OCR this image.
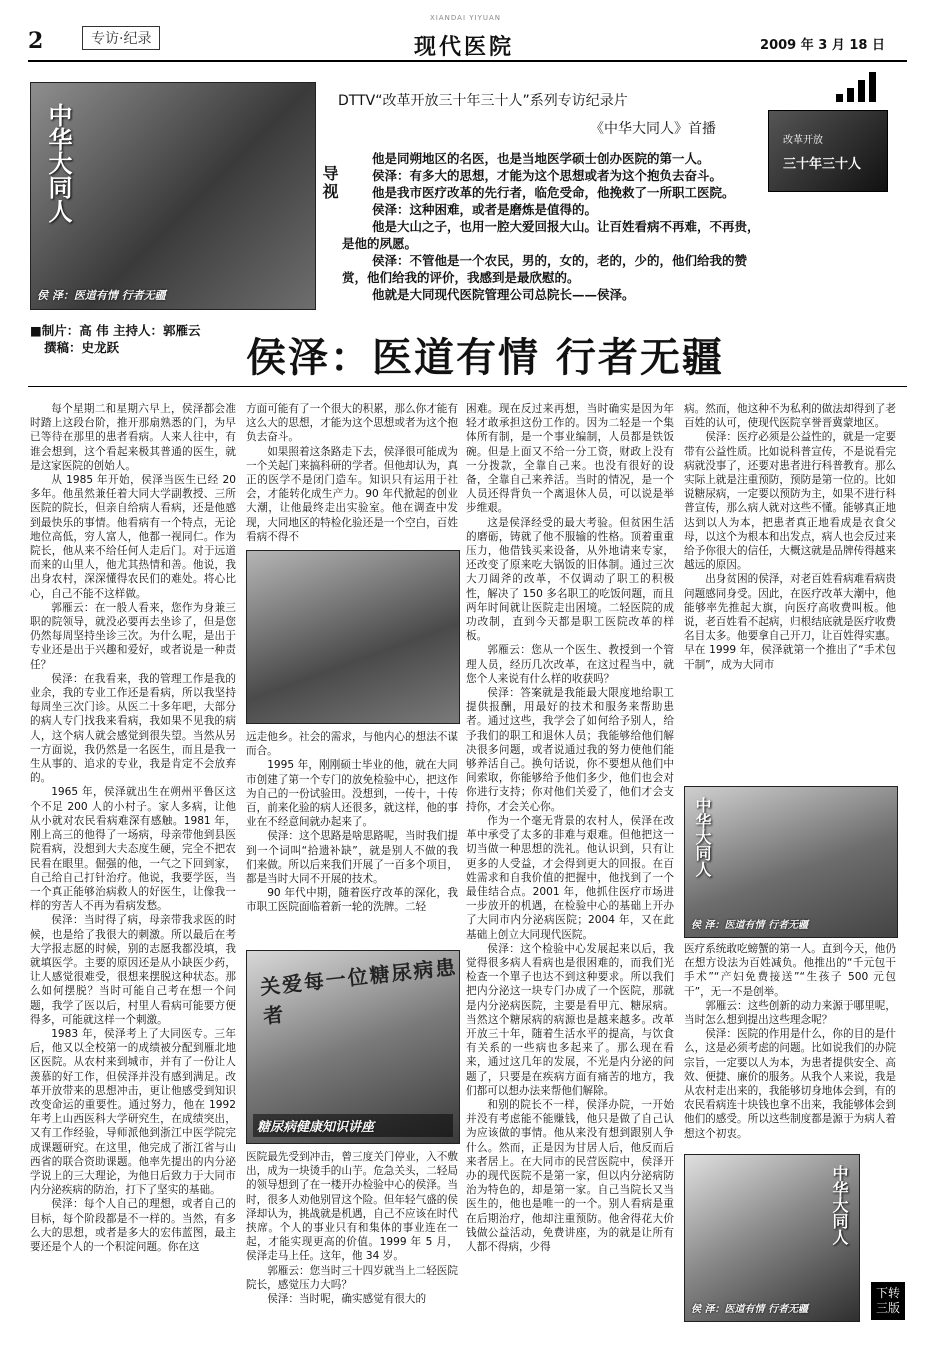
2	专访·纪录
XIANDAI YIYUAN
现代医院	2009 年 3 月 18 日
中华大同人
侯 泽：医道有情 行者无疆
DTTV“改革开放三十年三十人”系列专访纪录片
《中华大同人》首播
改革开放
三十年三十人
导视

他是同朔地区的名医，也是当地医学硕士创办医院的第一人。

侯泽：有多大的思想，才能为这个思想或者为这个抱负去奋斗。

他是我市医疗改革的先行者，临危受命，他挽救了一所职工医院。

侯泽：这种困难，或者是磨炼是值得的。

他是大山之子，也用一腔大爱回报大山。让百姓看病不再难，不再贵，是他的夙愿。

侯泽：不管他是一个农民，男的，女的，老的，少的，他们给我的赞赏，他们给我的评价，我感到是最欣慰的。

他就是大同现代医院管理公司总院长——侯泽。

■制片：高 伟 主持人：郭雁云
撰稿：史龙跃	侯泽：医道有情 行者无疆

每个星期二和星期六早上，侯泽都会准时踏上这段台阶，推开那扇熟悉的门，为早已等待在那里的患者看病。人来人往中，有谁会想到，这个看起来极其普通的医生，就是这家医院的创始人。

从 1985 年开始，侯泽当医生已经 20 多年。他虽然兼任着大同大学副教授、三所医院的院长，但亲自给病人看病，还是他感到最快乐的事情。他看病有一个特点，无论地位高低，穷人富人，他都一视同仁。作为院长，他从来不给任何人走后门。对于远道而来的山里人，他尤其热情和善。他说，我出身农村，深深懂得农民们的难处。将心比心，自己不能不这样做。

郭雁云：在一般人看来，您作为身兼三职的院领导，就没必要再去坐诊了，但是您仍然每周坚持坐诊三次。为什么呢，是出于专业还是出于兴趣和爱好，或者说是一种责任？

侯泽：在我看来，我的管理工作是我的业余，我的专业工作还是看病，所以我坚持每周坐三次门诊。从医二十多年吧，大部分的病人专门找我来看病，我如果不见我的病人，这个病人就会感觉到很失望。当然从另一方面说，我仍然是一名医生，而且是我一生从事的、追求的专业，我是肯定不会放弃的。

1965 年，侯泽就出生在朔州平鲁区这个不足 200 人的小村子。家人多病，让他从小就对农民看病难深有感触。1981 年，刚上高三的他得了一场病，母亲带他到县医院看病，没想到大夫态度生硬，完全不把农民看在眼里。倔强的他，一气之下回到家，自己给自己打针治疗。他说，我要学医，当一个真正能够治病救人的好医生，让像我一样的穷苦人不再为看病发愁。

侯泽：当时得了病，母亲带我求医的时候，也是给了我很大的刺激。所以最后在考大学报志愿的时候，别的志愿我都没填，我就填医学。主要的原因还是从小缺医少药，让人感觉很难受，很想来摆脱这种状态。那么如何摆脱？当时可能自己考在想一个问题，我学了医以后，村里人看病可能要方便得多，可能就这样一个刺激。

1983 年，侯泽考上了大同医专。三年后，他又以全校第一的成绩被分配到雁北地区医院。从农村来到城市，并有了一份让人羡慕的好工作，但侯泽并没有感到满足。改革开放带来的思想冲击，更让他感受到知识改变命运的重要性。通过努力，他在 1992 年考上山西医科大学研究生，在成绩突出，又有工作经验，导师派他到浙江中医学院完成课题研究。在这里，他完成了浙江省与山西省的联合资助课题。他率先提出的内分泌学说上的三大理论，为他日后致力于大同市内分泌疾病的防治，打下了坚实的基础。

侯泽：每个人自己的理想，或者自己的目标，每个阶段都是不一样的。当然，有多么大的思想，或者是多大的宏伟蓝图，最主要还是个人的一个积淀问题。你在这

方面可能有了一个很大的积累，那么你才能有这么大的思想，才能为这个思想或者为这个抱负去奋斗。

如果照着这条路走下去，侯泽很可能成为一个关起门来搞科研的学者。但他却认为，真正的医学不是闭门造车。知识只有运用于社会，才能转化成生产力。90 年代掀起的创业大潮，让他最终走出实验室。他在调查中发现，大同地区的特检化验还是一个空白，百姓看病不得不

远走他乡。社会的需求，与他内心的想法不谋而合。

1995 年，刚刚硕士毕业的他，就在大同市创建了第一个专门的放免检验中心，把这作为自己的一份试验田。没想到，一传十，十传百，前来化验的病人还很多，就这样，他的事业在不经意间就办起来了。

侯泽：这个思路是啥思路呢，当时我们提到一个词叫“拾遗补缺”，就是别人不做的我们来做。所以后来我们开展了一百多个项目，都是当时大同不开展的技术。

90 年代中期，随着医疗改革的深化，我市职工医院面临着新一轮的洗牌。二轻

关爱每一位糖尿病患者
糖尿病健康知识讲座

医院最先受到冲击，曾三度关门停业，入不敷出，成为一块烫手的山芋。危急关头，二轻局的领导想到了在一楼开办检验中心的侯泽。当时，很多人劝他别冒这个险。但年轻气盛的侯泽却认为，挑战就是机遇，自己不应该在时代挟席。个人的事业只有和集体的事业连在一起，才能实现更高的价值。1999 年 5 月，侯泽走马上任。这年，他 34 岁。

郭雁云：您当时三十四岁就当上二轻医院院长，感觉压力大吗？

侯泽：当时呢，确实感觉有很大的

困难。现在反过来再想，当时确实是因为年轻才敢承担这份工作的。因为二轻是一个集体所有制，是一个事业编制，人员都是铁饭碗。但是上面又不给一分工资，财政上没有一分拨款，全靠自己来。也没有很好的设备，全靠自己来养活。当时的情况，是一个人员还得背负一个离退休人员，可以说是举步维艰。

这是侯泽经受的最大考验。但贫困生活的磨砺，铸就了他不服输的性格。顶着重重压力，他借钱买来设备，从外地请来专家，还改变了原来吃大锅饭的旧体制。通过三次大刀阔斧的改革，不仅调动了职工的积极性，解决了 150 多名职工的吃饭问题，而且两年时间就让医院走出困境。二轻医院的成功改制，直到今天都是职工医院改革的样板。

郭雁云：您从一个医生、教授到一个管理人员，经历几次改革，在这过程当中，就您个人来说有什么样的收获吗？

侯泽：答案就是我能最大限度地给职工提供报酬，用最好的技术和服务来帮助患者。通过这些，我学会了如何给予别人，给予我们的职工和退休人员；我能够给他们解决很多问题，或者说通过我的努力使他们能够养活自己。换句话说，你不要想从他们中间索取，你能够给予他们多少，他们也会对你进行支持；你对他们关爱了，他们才会支持你，才会关心你。

作为一个毫无背景的农村人，侯泽在改革中承受了太多的非难与艰难。但他把这一切当做一种思想的洗礼。他认识到，只有让更多的人受益，才会得到更大的回报。在百姓需求和自我价值的把握中，他找到了一个最佳结合点。2001 年，他抓住医疗市场进一步放开的机遇，在检验中心的基础上开办了大同市内分泌病医院；2004 年，又在此基础上创立大同现代医院。

侯泽：这个检验中心发展起来以后，我觉得很多病人看病也是很困难的，而我们光检查一个單子也达不到这种要求。所以我们把内分泌这一块专门办成了一个医院，那就是内分泌病医院，主要是看甲亢、糖尿病。当然这个糖尿病的病源也是越来越多。改革开放三十年，随着生活水平的提高，与饮食有关系的一些病也多起来了。那么现在看来，通过这几年的发展，不光是内分泌的问题了，只要是在疾病方面有痛苦的地方，我们都可以想办法来帮他们解除。

和别的院长不一样，侯泽办院，一开始并没有考虑能不能赚钱，他只是做了自己认为应该做的事情。他从来没有想到跟别人争什么。然而，正是因为甘居人后，他反而后来者居上。在大同市的民营医院中，侯泽开办的现代医院不是第一家，但以内分泌病防治为特色的，却是第一家。自己当院长又当医生的，他也是唯一的一个。别人看病是重在后期治疗，他却注重预防。他舍得花大价钱做公益活动，免费讲座，为的就是让所有人都不得病，少得

病。然而，他这种不为私利的做法却得到了老百姓的认可，使现代医院享誉晋冀蒙地区。

侯泽：医疗必须是公益性的，就是一定要带有公益性质。比如说科普宣传，不是说看完病就没事了，还要对患者进行科普教育。那么实际上就是注重预防，预防是第一位的。比如说糖尿病，一定要以预防为主，如果不进行科普宣传，那么病人就对这些不懂。能够真正地达到以人为本，把患者真正地看成是衣食父母，以这个为根本和出发点，病人也会反过来给予你很大的信任，大概这就是品牌传得越来越远的原因。

出身贫困的侯泽，对老百姓看病难看病贵问题感同身受。因此，在医疗改革大潮中，他能够率先推起大旗，向医疗高收费叫板。他说，老百姓看不起病，归根结底就是医疗收费名目太多。他要拿自己开刀，让百姓得实惠。早在 1999 年，侯泽就第一个推出了“手术包干制”，成为大同市

中华大同人
侯 泽：医道有情 行者无疆

医疗系统敢吃螃蟹的第一人。直到今天，他仍在想方设法为百姓减负。他推出的“千元包干手术”“产妇免费接送”“生孩子 500 元包干”，无一不是创举。

郭雁云：这些创新的动力来源于哪里呢，当时怎么想到提出这些理念呢？

侯泽：医院的作用是什么，你的目的是什么，这是必须考虑的问题。比如说我们的办院宗旨，一定要以人为本，为患者提供安全、高效、便捷、廉价的服务。从我个人来说，我是从农村走出来的，我能够切身地体会到，有的农民看病连十块钱也拿不出来，我能够体会到他们的感受。所以这些制度都是源于为病人着想这个初衷。

中华大同人
侯 泽：医道有情 行者无疆
下转三版
